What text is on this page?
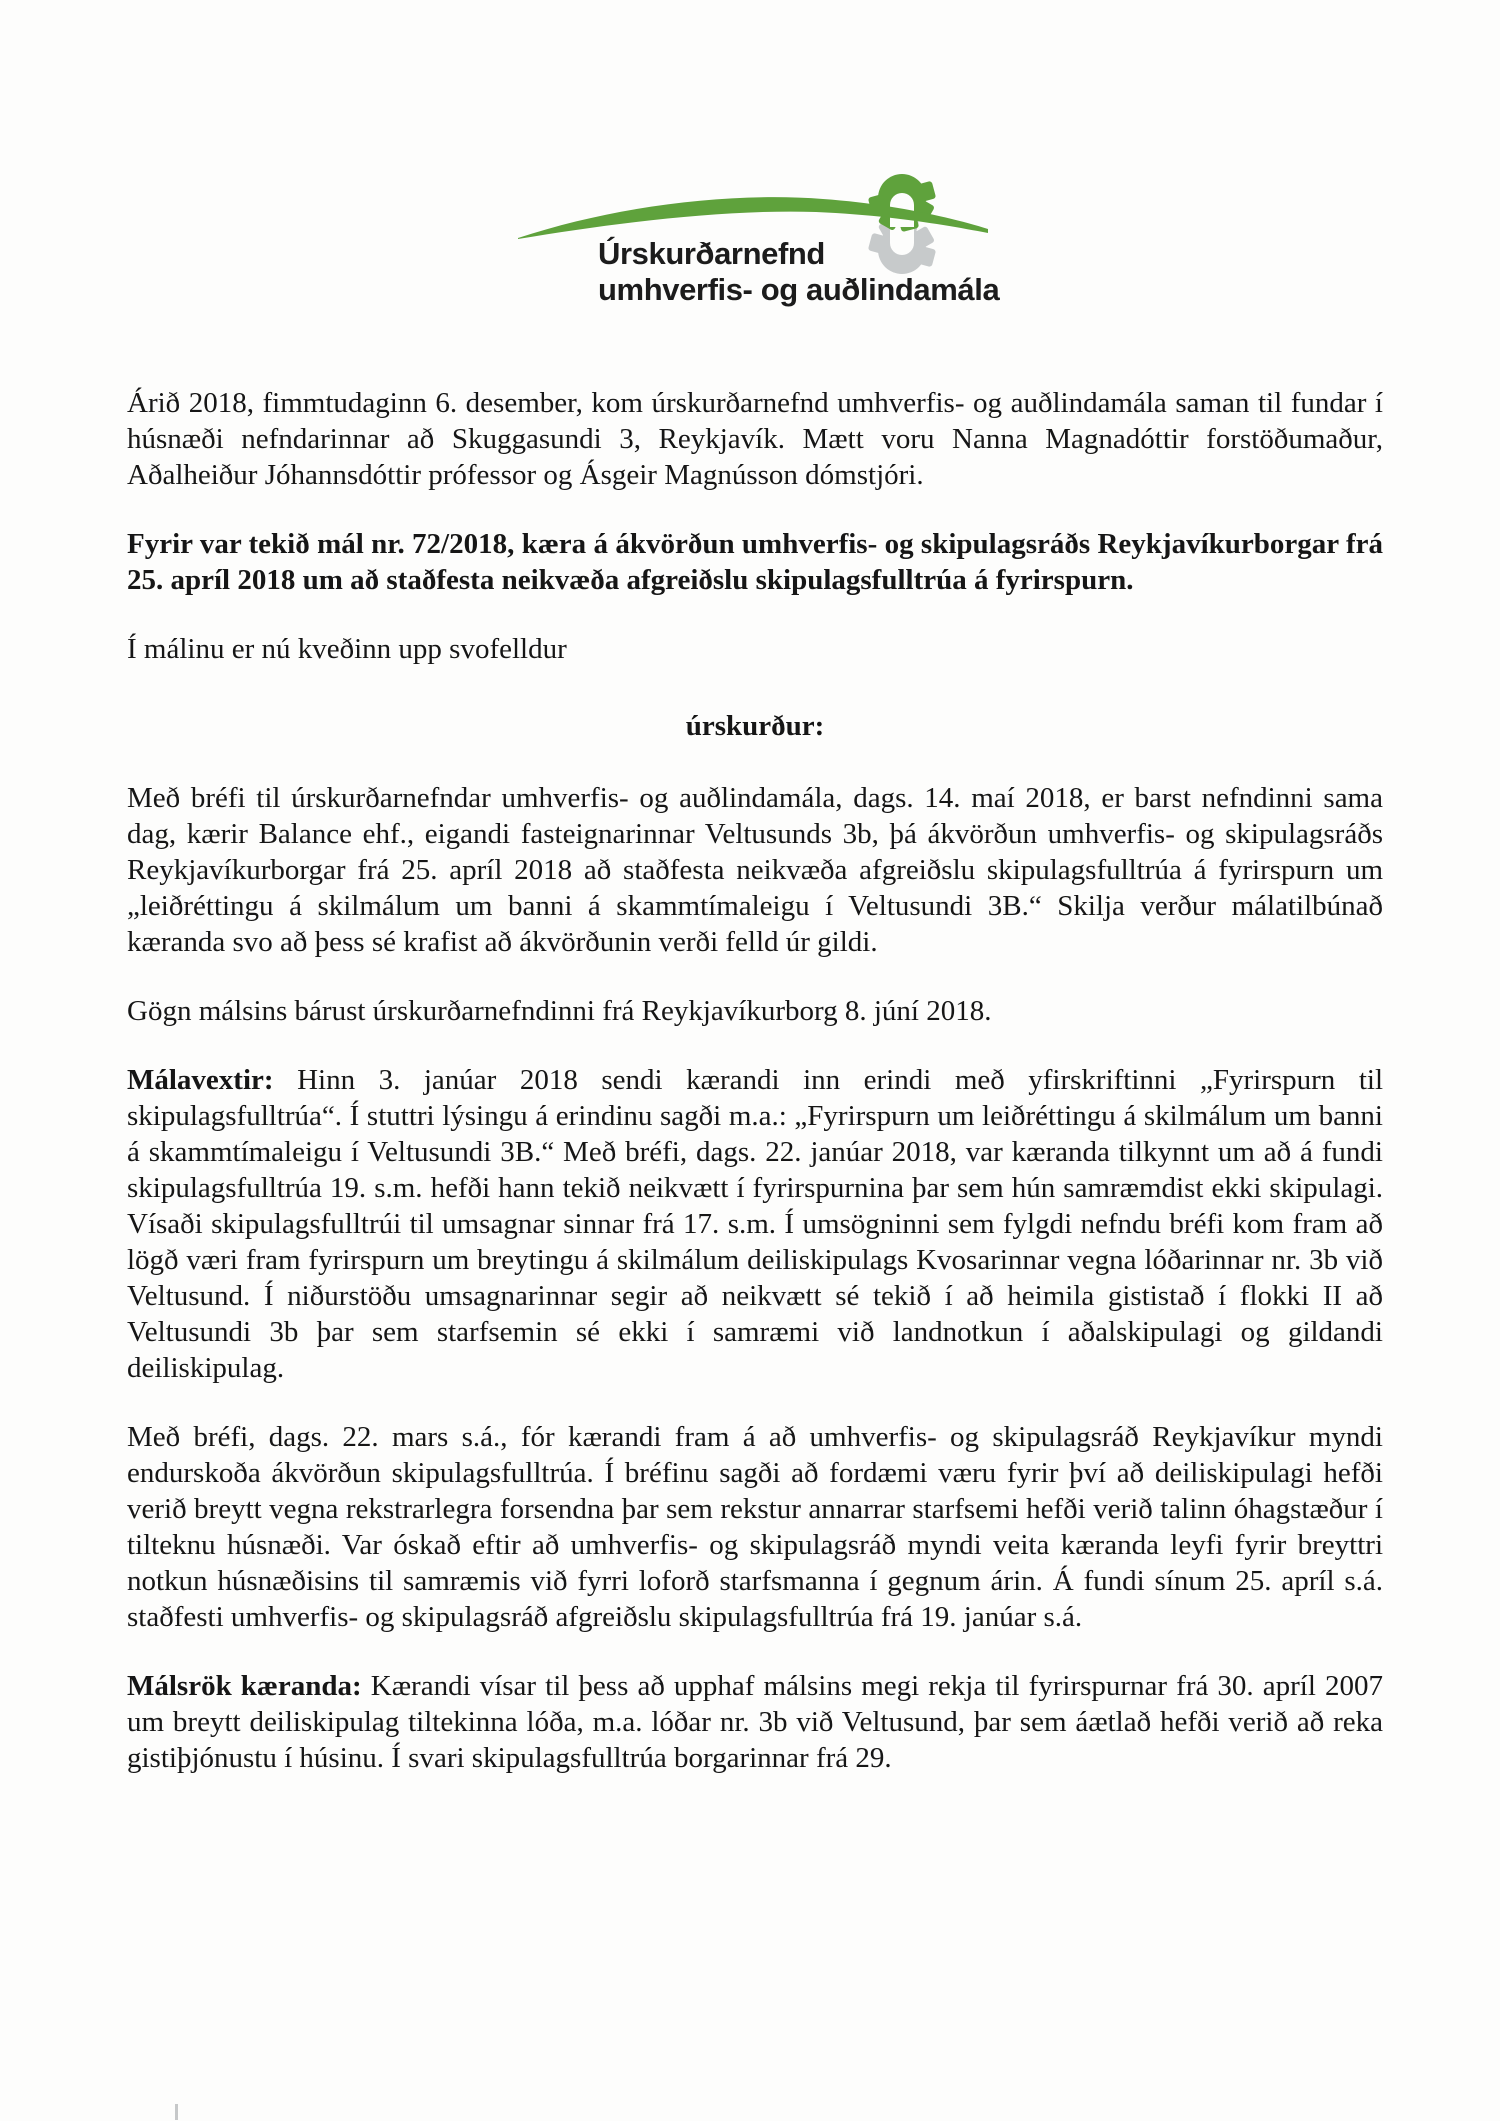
Úrskurðarnefnd
umhverfis- og auðlindamála

Árið 2018, fimmtudaginn 6. desember, kom úrskurðarnefnd umhverfis- og auðlindamála saman til fundar í húsnæði nefndarinnar að Skuggasundi 3, Reykjavík. Mætt voru Nanna Magnadóttir forstöðumaður, Aðalheiður Jóhannsdóttir prófessor og Ásgeir Magnússon dómstjóri.

Fyrir var tekið mál nr. 72/2018, kæra á ákvörðun umhverfis- og skipulagsráðs Reykjavíkurborgar frá 25. apríl 2018 um að staðfesta neikvæða afgreiðslu skipulagsfulltrúa á fyrirspurn.

Í málinu er nú kveðinn upp svofelldur

úrskurður:

Með bréfi til úrskurðarnefndar umhverfis- og auðlindamála, dags. 14. maí 2018, er barst nefndinni sama dag, kærir Balance ehf., eigandi fasteignarinnar Veltusunds 3b, þá ákvörðun umhverfis- og skipulagsráðs Reykjavíkurborgar frá 25. apríl 2018 að staðfesta neikvæða afgreiðslu skipulagsfulltrúa á fyrirspurn um „leiðréttingu á skilmálum um banni á skammtímaleigu í Veltusundi 3B.“ Skilja verður málatilbúnað kæranda svo að þess sé krafist að ákvörðunin verði felld úr gildi.

Gögn málsins bárust úrskurðarnefndinni frá Reykjavíkurborg 8. júní 2018.

Málavextir: Hinn 3. janúar 2018 sendi kærandi inn erindi með yfirskriftinni „Fyrirspurn til skipulagsfulltrúa“. Í stuttri lýsingu á erindinu sagði m.a.: „Fyrirspurn um leiðréttingu á skilmálum um banni á skammtímaleigu í Veltusundi 3B.“ Með bréfi, dags. 22. janúar 2018, var kæranda tilkynnt um að á fundi skipulagsfulltrúa 19. s.m. hefði hann tekið neikvætt í fyrirspurnina þar sem hún samræmdist ekki skipulagi. Vísaði skipulagsfulltrúi til umsagnar sinnar frá 17. s.m. Í umsögninni sem fylgdi nefndu bréfi kom fram að lögð væri fram fyrirspurn um breytingu á skilmálum deiliskipulags Kvosarinnar vegna lóðarinnar nr. 3b við Veltusund. Í niðurstöðu umsagnarinnar segir að neikvætt sé tekið í að heimila gististað í flokki II að Veltusundi 3b þar sem starfsemin sé ekki í samræmi við landnotkun í aðalskipulagi og gildandi deiliskipulag.

Með bréfi, dags. 22. mars s.á., fór kærandi fram á að umhverfis- og skipulagsráð Reykjavíkur myndi endurskoða ákvörðun skipulagsfulltrúa. Í bréfinu sagði að fordæmi væru fyrir því að deiliskipulagi hefði verið breytt vegna rekstrarlegra forsendna þar sem rekstur annarrar starfsemi hefði verið talinn óhagstæður í tilteknu húsnæði. Var óskað eftir að umhverfis- og skipulagsráð myndi veita kæranda leyfi fyrir breyttri notkun húsnæðisins til samræmis við fyrri loforð starfsmanna í gegnum árin. Á fundi sínum 25. apríl s.á. staðfesti umhverfis- og skipulagsráð afgreiðslu skipulagsfulltrúa frá 19. janúar s.á.

Málsrök kæranda: Kærandi vísar til þess að upphaf málsins megi rekja til fyrirspurnar frá 30. apríl 2007 um breytt deiliskipulag tiltekinna lóða, m.a. lóðar nr. 3b við Veltusund, þar sem áætlað hefði verið að reka gistiþjónustu í húsinu. Í svari skipulagsfulltrúa borgarinnar frá 29.
